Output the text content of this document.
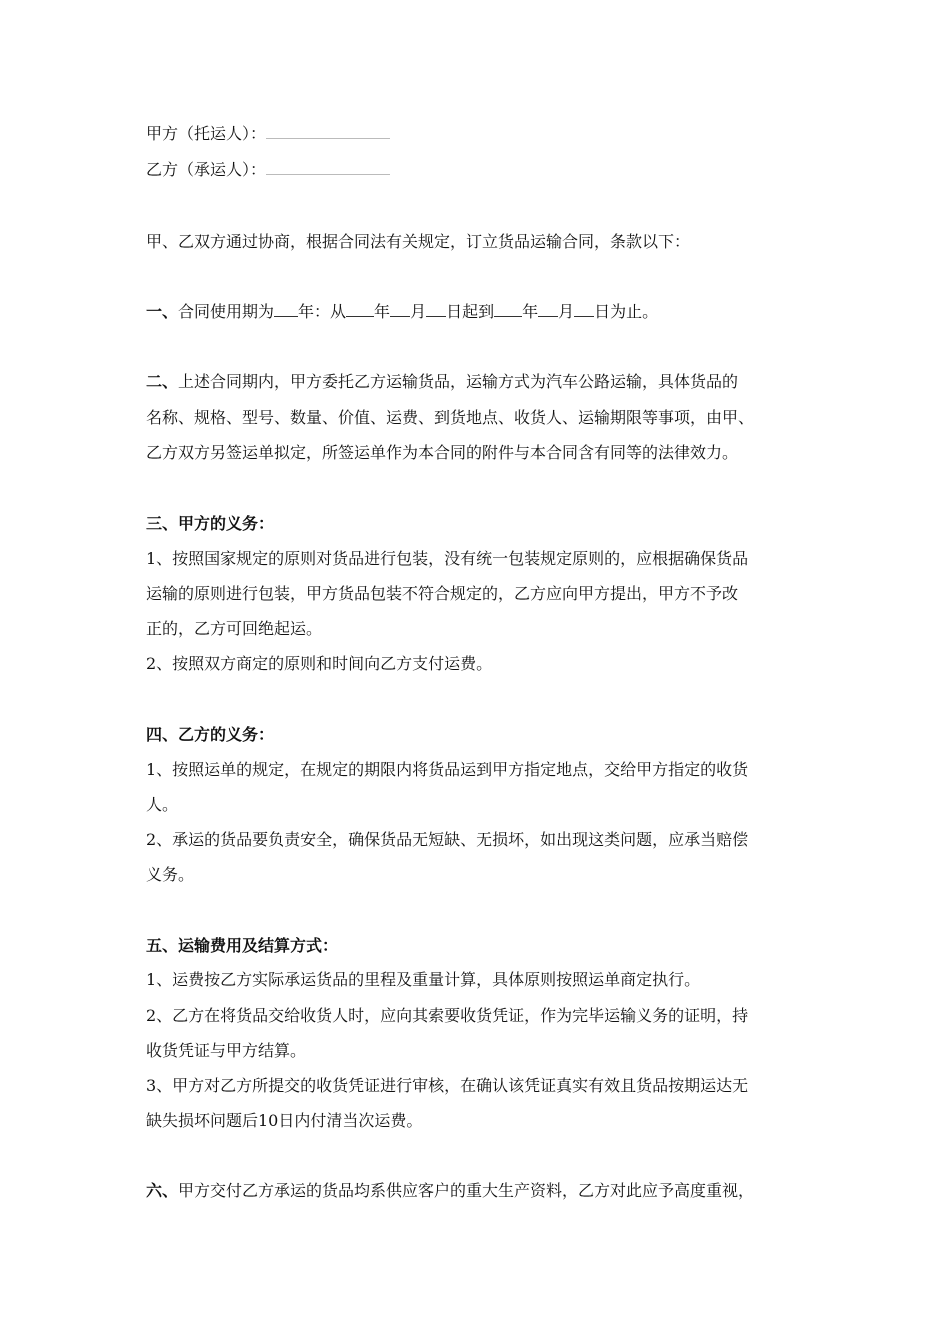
甲方（托运人）：
乙方（承运人）：
甲、乙双方通过协商，根据合同法有关规定，订立货品运输合同，条款以下：
一、合同使用期为 年：从 年 月 日起到 年 月 日为止。
二、上述合同期内，甲方委托乙方运输货品，运输方式为汽车公路运输，具体货品的
名称、规格、型号、数量、价值、运费、到货地点、收货人、运输期限等事项，由甲、
乙方双方另签运单拟定，所签运单作为本合同的附件与本合同含有同等的法律效力。
三、甲方的义务：
1、按照国家规定的原则对货品进行包装，没有统一包装规定原则的，应根据确保货品
运输的原则进行包装，甲方货品包装不符合规定的，乙方应向甲方提出，甲方不予改
正的，乙方可回绝起运。
2、按照双方商定的原则和时间向乙方支付运费。
四、乙方的义务：
1、按照运单的规定，在规定的期限内将货品运到甲方指定地点，交给甲方指定的收货
人。
2、承运的货品要负责安全，确保货品无短缺、无损坏，如出现这类问题，应承当赔偿
义务。
五、运输费用及结算方式：
1、运费按乙方实际承运货品的里程及重量计算，具体原则按照运单商定执行。
2、乙方在将货品交给收货人时，应向其索要收货凭证，作为完毕运输义务的证明，持
收货凭证与甲方结算。
3、甲方对乙方所提交的收货凭证进行审核，在确认该凭证真实有效且货品按期运达无
缺失损坏问题后10日内付清当次运费。
六、甲方交付乙方承运的货品均系供应客户的重大生产资料，乙方对此应予高度重视，
